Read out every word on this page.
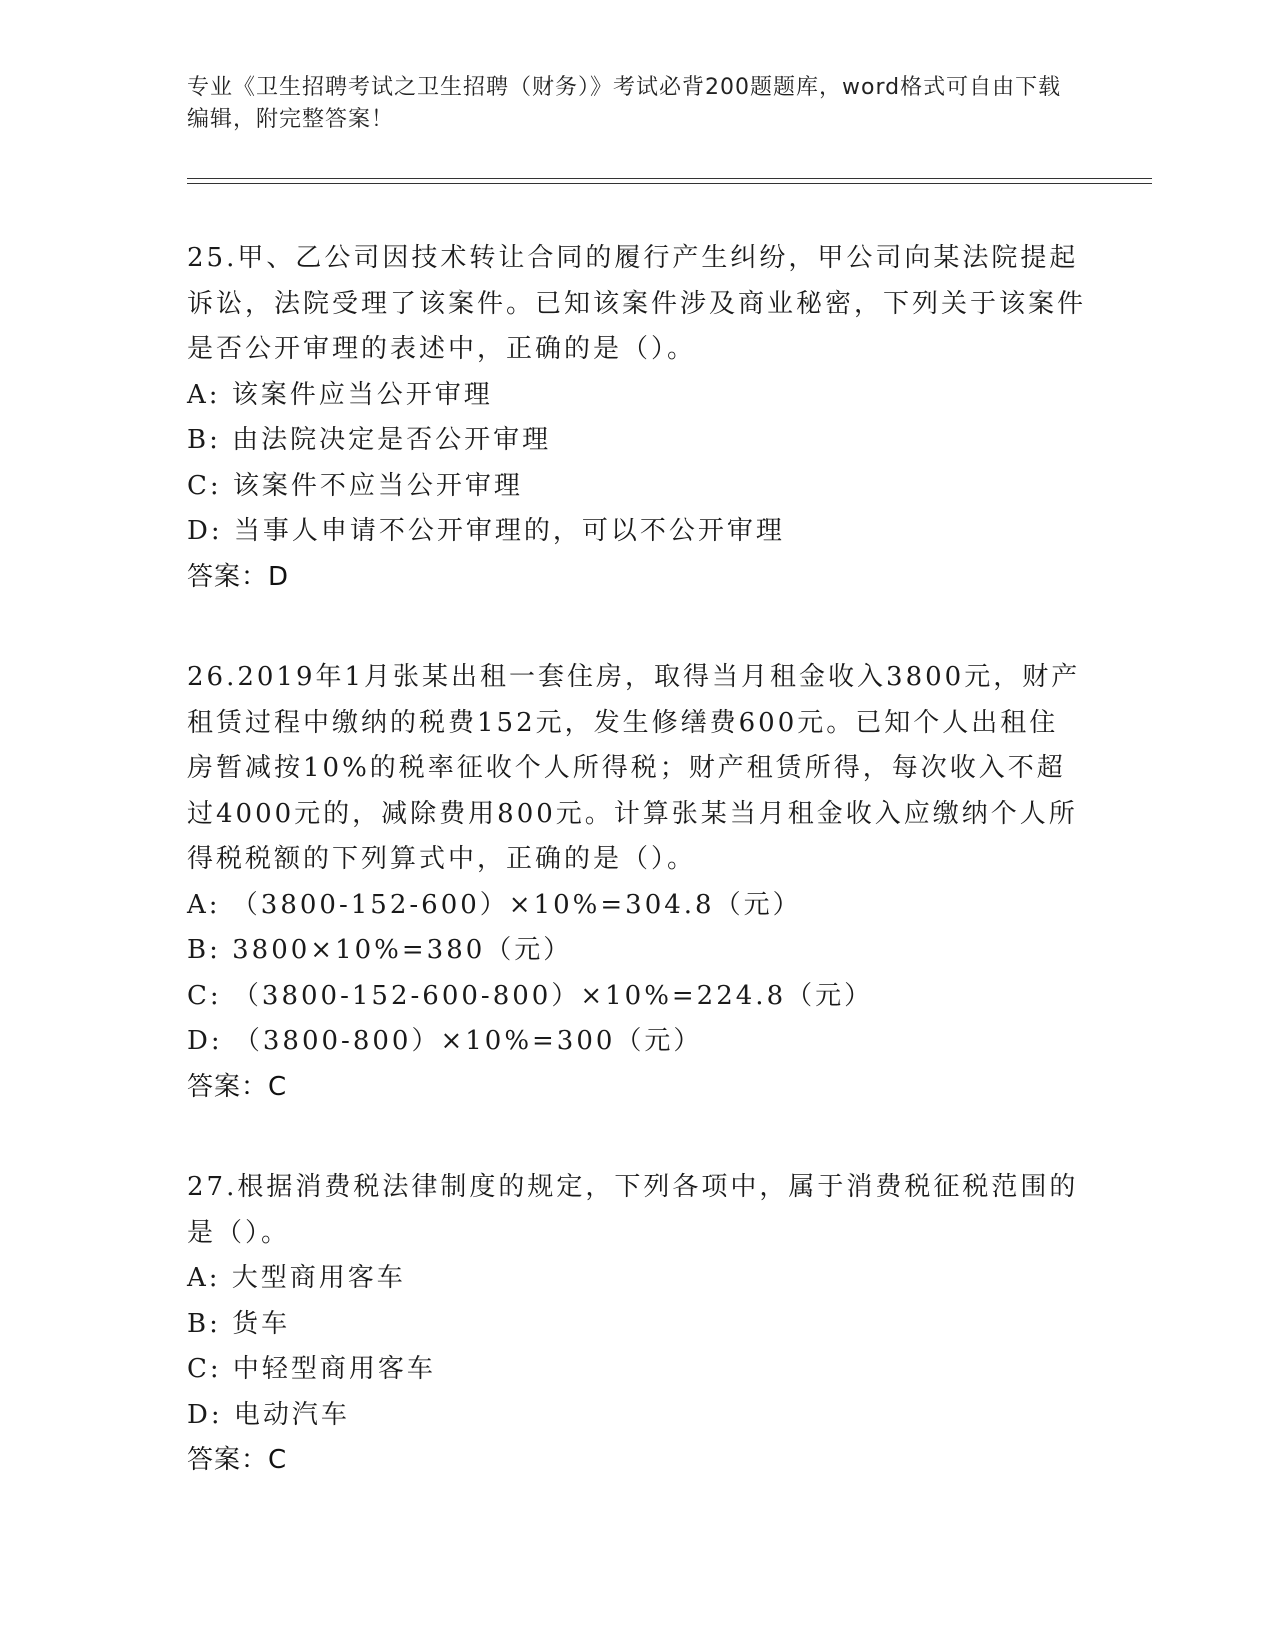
专业《卫生招聘考试之卫生招聘（财务）》考试必背200题题库，word格式可自由下载编辑，附完整答案！

25.甲、乙公司因技术转让合同的履行产生纠纷，甲公司向某法院提起诉讼，法院受理了该案件。已知该案件涉及商业秘密，下列关于该案件是否公开审理的表述中，正确的是（）。

A: 该案件应当公开审理

B: 由法院决定是否公开审理

C: 该案件不应当公开审理

D: 当事人申请不公开审理的，可以不公开审理

答案：D

26.2019年1月张某出租一套住房，取得当月租金收入3800元，财产租赁过程中缴纳的税费152元，发生修缮费600元。已知个人出租住房暂减按10%的税率征收个人所得税；财产租赁所得，每次收入不超过4000元的，减除费用800元。计算张某当月租金收入应缴纳个人所得税税额的下列算式中，正确的是（）。

A: （3800-152-600）×10%=304.8（元）

B: 3800×10%=380（元）

C: （3800-152-600-800）×10%=224.8（元）

D: （3800-800）×10%=300（元）

答案：C

27.根据消费税法律制度的规定，下列各项中，属于消费税征税范围的是（）。

A: 大型商用客车

B: 货车

C: 中轻型商用客车

D: 电动汽车

答案：C
